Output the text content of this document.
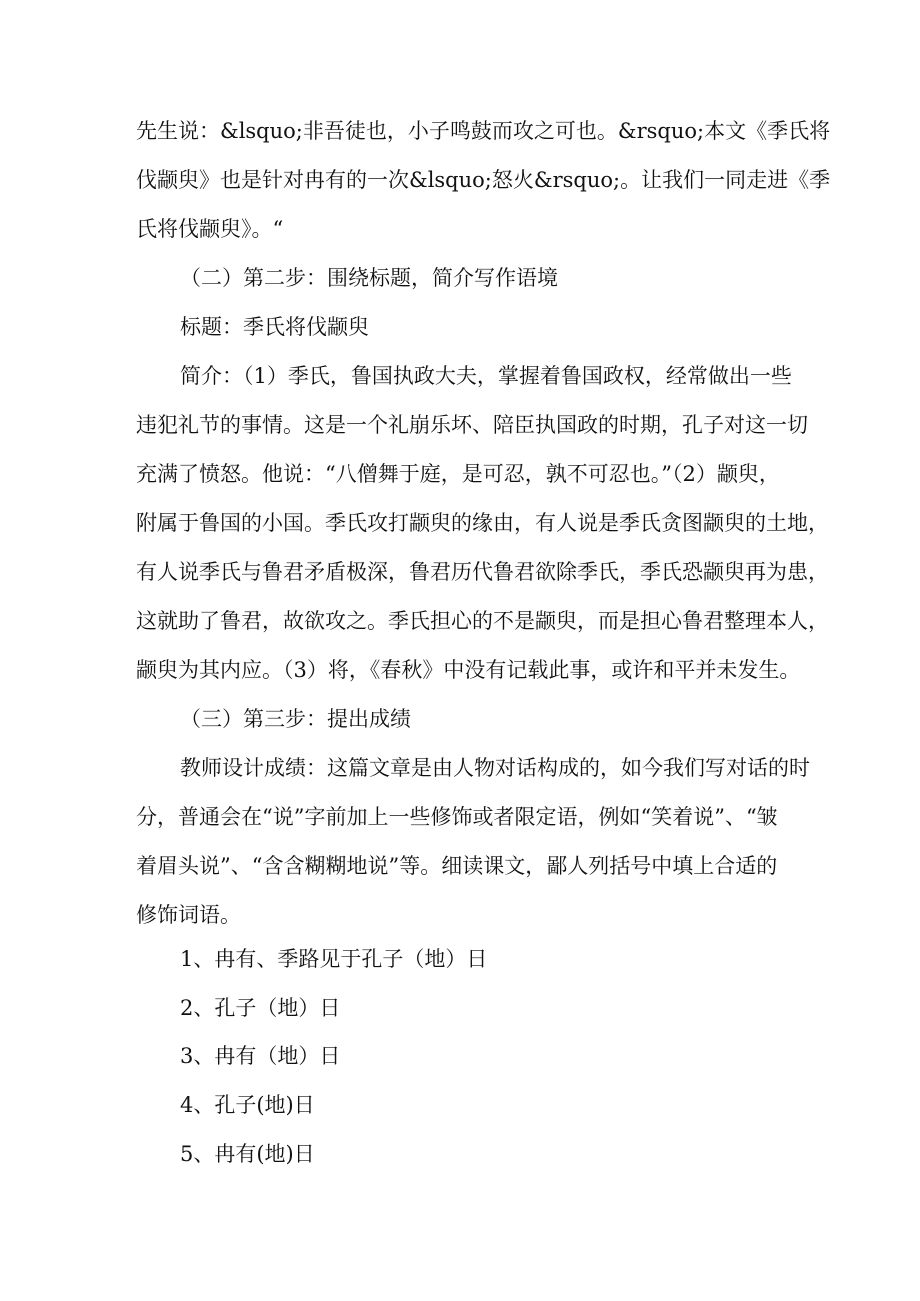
先生说：&lsquo;非吾徒也，小子鸣鼓而攻之可也。&rsquo;本文《季氏将
伐颛臾》也是针对冉有的一次&lsquo;怒火&rsquo;。让我们一同走进《季
氏将伐颛臾》。“
（二）第二步：围绕标题，简介写作语境
标题：季氏将伐颛臾
简介：（1）季氏，鲁国执政大夫，掌握着鲁国政权，经常做出一些
违犯礼节的事情。这是一个礼崩乐坏、陪臣执国政的时期，孔子对这一切
充满了愤怒。他说：“八僧舞于庭，是可忍，孰不可忍也。”（2）颛臾，
附属于鲁国的小国。季氏攻打颛臾的缘由，有人说是季氏贪图颛臾的土地，
有人说季氏与鲁君矛盾极深，鲁君历代鲁君欲除季氏，季氏恐颛臾再为患，
这就助了鲁君，故欲攻之。季氏担心的不是颛臾，而是担心鲁君整理本人，
颛臾为其内应。（3）将，《春秋》中没有记载此事，或许和平并未发生。
（三）第三步：提出成绩
教师设计成绩：这篇文章是由人物对话构成的，如今我们写对话的时
分，普通会在“说”字前加上一些修饰或者限定语，例如“笑着说”、“皱
着眉头说”、“含含糊糊地说”等。细读课文，鄙人列括号中填上合适的
修饰词语。
1、冉有、季路见于孔子（地）日
2、孔子（地）日
3、冉有（地）日
4、孔子(地)日
5、冉有(地)日
